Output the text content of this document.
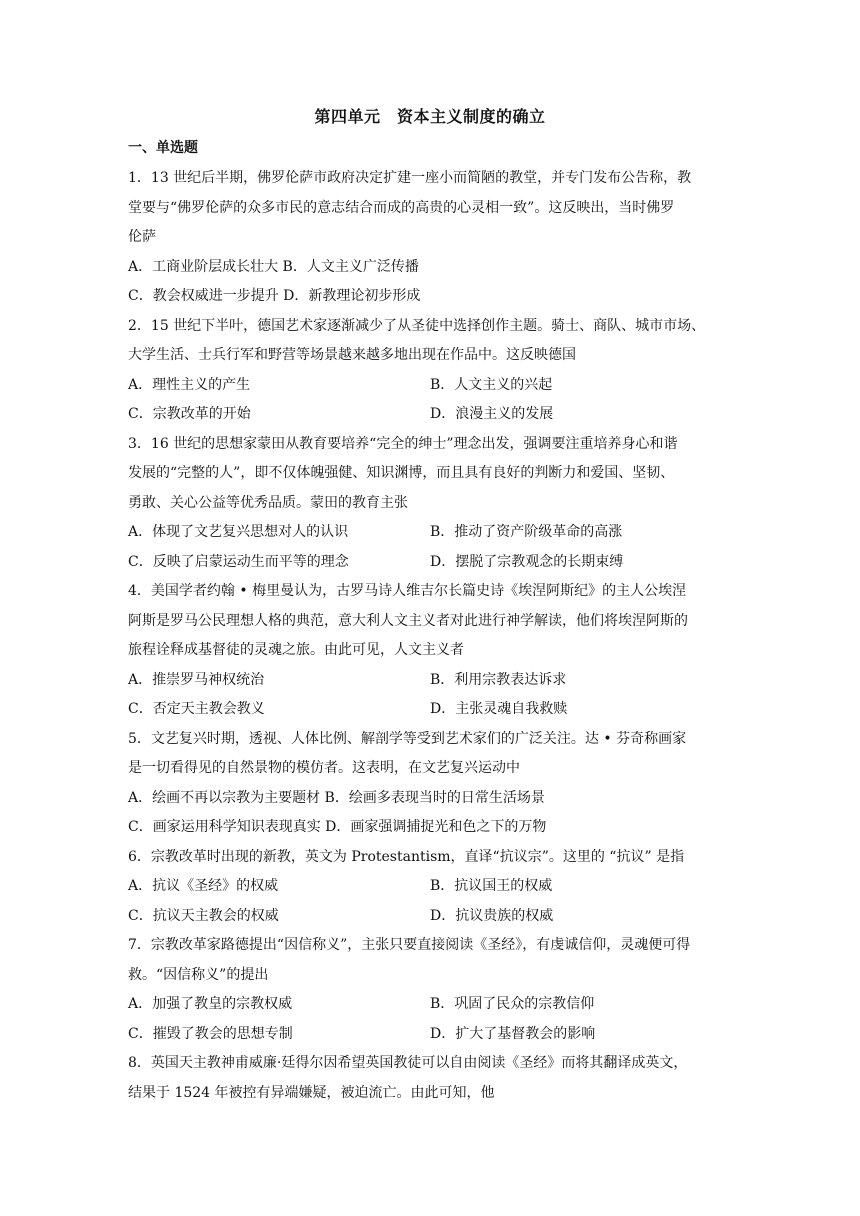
第四单元　资本主义制度的确立
一、单选题
1．13 世纪后半期，佛罗伦萨市政府决定扩建一座小而简陋的教堂，并专门发布公告称，教
堂要与“佛罗伦萨的众多市民的意志结合而成的高贵的心灵相一致”。这反映出，当时佛罗
伦萨
A．工商业阶层成长壮大 B．人文主义广泛传播
C．教会权威进一步提升 D．新教理论初步形成
2．15 世纪下半叶，德国艺术家逐渐减少了从圣徒中选择创作主题。骑士、商队、城市市场、
大学生活、士兵行军和野营等场景越来越多地出现在作品中。这反映德国
A．理性主义的产生	B．人文主义的兴起
C．宗教改革的开始	D．浪漫主义的发展
3．16 世纪的思想家蒙田从教育要培养“完全的绅士”理念出发，强调要注重培养身心和谐
发展的“完整的人”，即不仅体魄强健、知识渊博，而且具有良好的判断力和爱国、坚韧、
勇敢、关心公益等优秀品质。蒙田的教育主张
A．体现了文艺复兴思想对人的认识	B．推动了资产阶级革命的高涨
C．反映了启蒙运动生而平等的理念	D．摆脱了宗教观念的长期束缚
4．美国学者约翰 • 梅里曼认为，古罗马诗人维吉尔长篇史诗《埃涅阿斯纪》的主人公埃涅
阿斯是罗马公民理想人格的典范，意大利人文主义者对此进行神学解读，他们将埃涅阿斯的
旅程诠释成基督徒的灵魂之旅。由此可见，人文主义者
A．推崇罗马神权统治	B．利用宗教表达诉求
C．否定天主教会教义	D．主张灵魂自我救赎
5．文艺复兴时期，透视、人体比例、解剖学等受到艺术家们的广泛关注。达 • 芬奇称画家
是一切看得见的自然景物的模仿者。这表明，在文艺复兴运动中
A．绘画不再以宗教为主要题材 B．绘画多表现当时的日常生活场景
C．画家运用科学知识表现真实 D．画家强调捕捉光和色之下的万物
6．宗教改革时出现的新教，英文为 Protestantism，直译“抗议宗”。这里的 “抗议” 是指
A．抗议《圣经》的权威	B．抗议国王的权威
C．抗议天主教会的权威	D．抗议贵族的权威
7．宗教改革家路德提出“因信称义”，主张只要直接阅读《圣经》，有虔诚信仰，灵魂便可得
救。“因信称义”的提出
A．加强了教皇的宗教权威	B．巩固了民众的宗教信仰
C．摧毁了教会的思想专制	D．扩大了基督教会的影响
8．英国天主教神甫威廉·廷得尔因希望英国教徒可以自由阅读《圣经》而将其翻译成英文，
结果于 1524 年被控有异端嫌疑，被迫流亡。由此可知，他
